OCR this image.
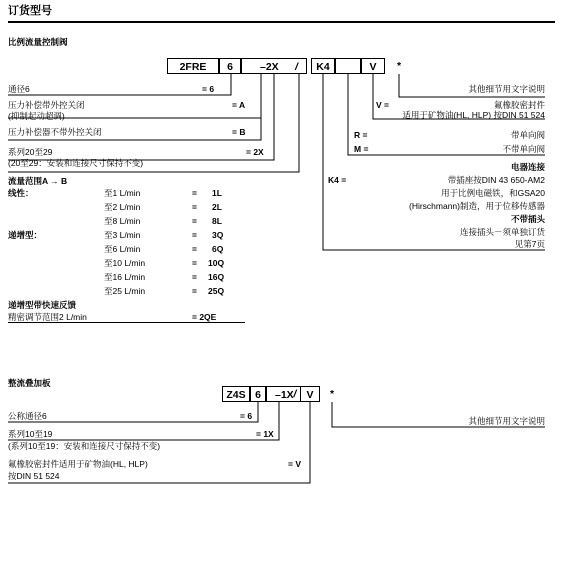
订货型号
比例流量控制阀
2FRE	6	–2X	/	K4	V	*
通径6	= 6
压力补偿带外控关闭	= A
(抑制起动超调)
压力补偿器不带外控关闭	= B
系列20至29	= 2X
(20至29：安装和连接尺寸保持不变)
流量范围A → B
线性：	至1 L/min	= 1L
至2 L/min	= 2L
至8 L/min	= 8L
递增型：	至3 L/min	= 3Q
至6 L/min	= 6Q
至10 L/min	= 10Q
至16 L/min	= 16Q
至25 L/min	= 25Q
递增型带快速反馈
精密调节范围2 L/min	= 2QE
其他细节用文字说明
V =	氟橡胶密封件
适用于矿物油(HL, HLP) 按DIN 51 524
R =	带单向阀
M =	不带单向阀
电器连接
K4 =	带插座按DIN 43 650-AM2
用于比例电磁铁，和GSA20
(Hirschmann)制造，用于位移传感器
不带插头
连接插头－须单独订货
见第7页
整流叠加板
Z4S 6	–1X / V	*
公称通径6	= 6
系列10至19	= 1X
(系列10至19：安装和连接尺寸保持不变)
氟橡胶密封件适用于矿物油(HL, HLP)	= V
按DIN 51 524
其他细节用文字说明
